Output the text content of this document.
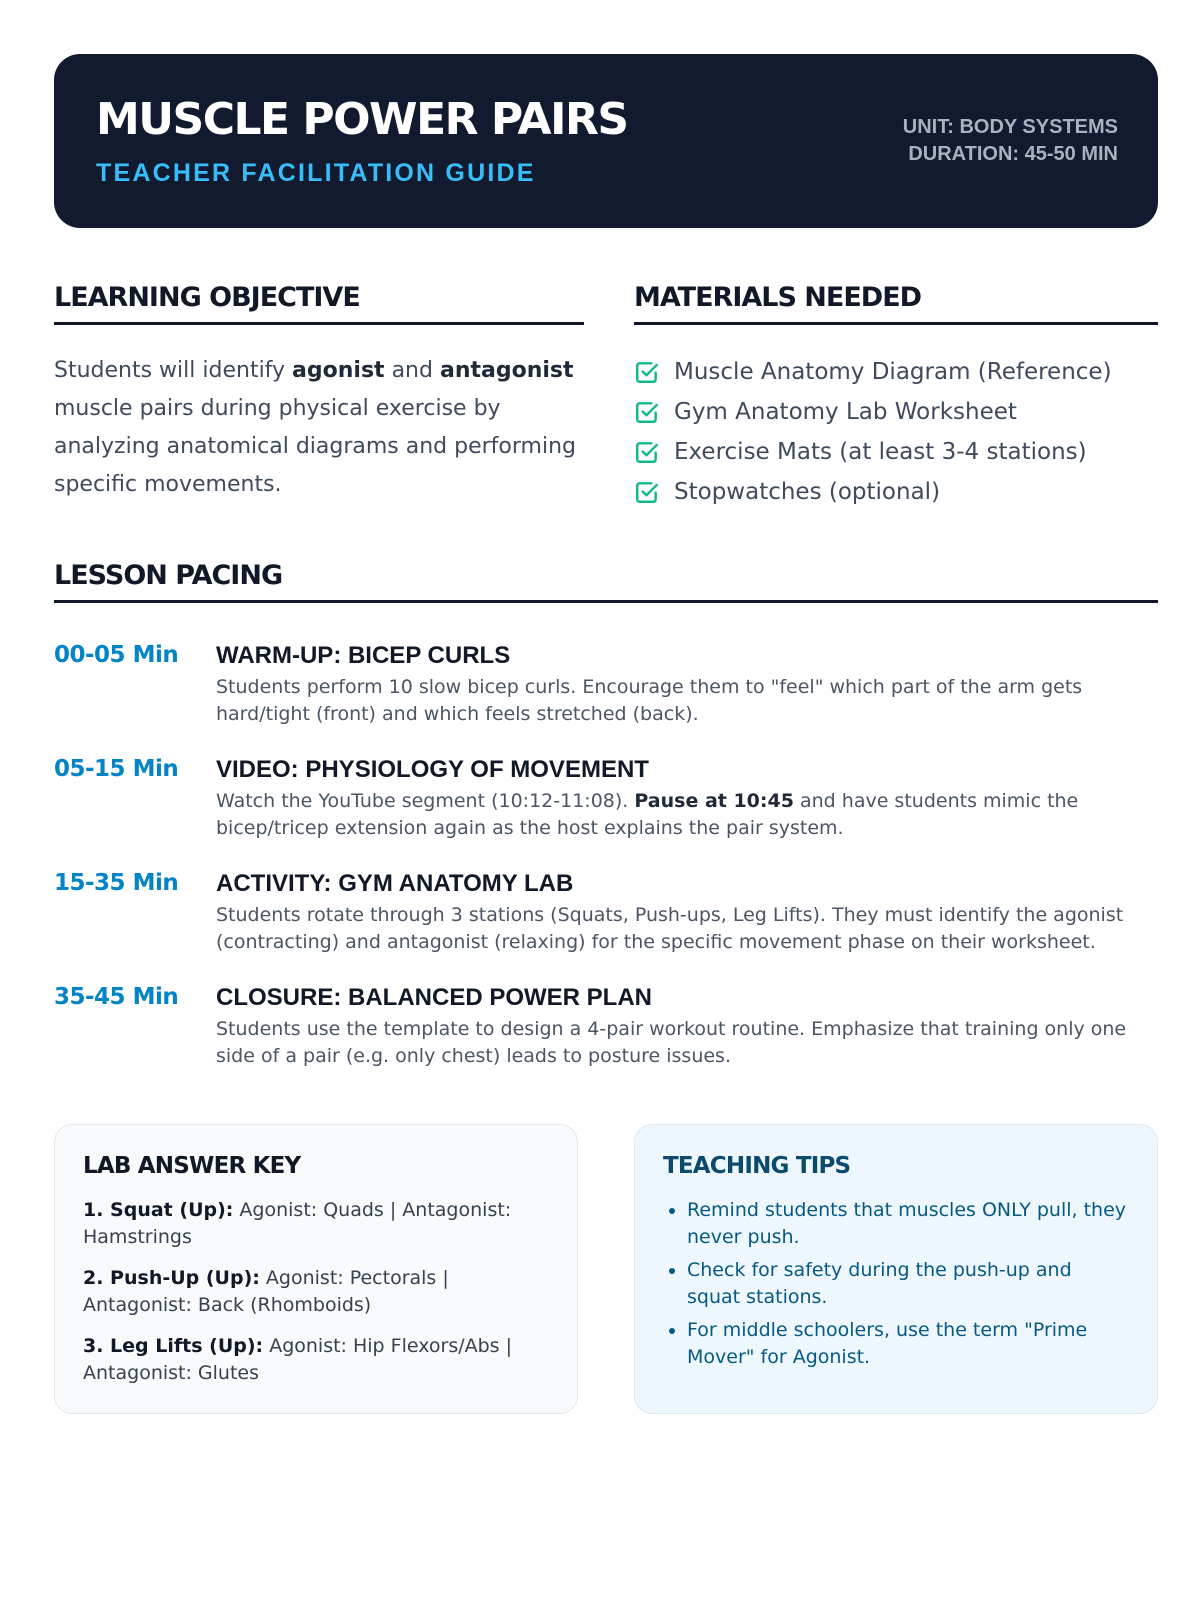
MUSCLE POWER PAIRS
TEACHER FACILITATION GUIDE
UNIT: BODY SYSTEMS
DURATION: 45-50 MIN
LEARNING OBJECTIVE

Students will identify agonist and antagonist muscle pairs during physical exercise by analyzing anatomical diagrams and performing specific movements.

MATERIALS NEEDED
Muscle Anatomy Diagram (Reference)
Gym Anatomy Lab Worksheet
Exercise Mats (at least 3-4 stations)
Stopwatches (optional)
LESSON PACING
00-05 Min WARM-UP: BICEP CURLS
Students perform 10 slow bicep curls. Encourage them to "feel" which part of the arm gets hard/tight (front) and which feels stretched (back).
05-15 Min VIDEO: PHYSIOLOGY OF MOVEMENT
Watch the YouTube segment (10:12-11:08). Pause at 10:45 and have students mimic the bicep/tricep extension again as the host explains the pair system.
15-35 Min ACTIVITY: GYM ANATOMY LAB
Students rotate through 3 stations (Squats, Push-ups, Leg Lifts). They must identify the agonist (contracting) and antagonist (relaxing) for the specific movement phase on their worksheet.
35-45 Min CLOSURE: BALANCED POWER PLAN
Students use the template to design a 4-pair workout routine. Emphasize that training only one side of a pair (e.g. only chest) leads to posture issues.
LAB ANSWER KEY
1. Squat (Up): Agonist: Quads | Antagonist: Hamstrings
2. Push-Up (Up): Agonist: Pectorals | Antagonist: Back (Rhomboids)
3. Leg Lifts (Up): Agonist: Hip Flexors/Abs | Antagonist: Glutes
TEACHING TIPS
• Remind students that muscles ONLY pull, they never push.
• Check for safety during the push-up and squat stations.
• For middle schoolers, use the term "Prime Mover" for Agonist.
